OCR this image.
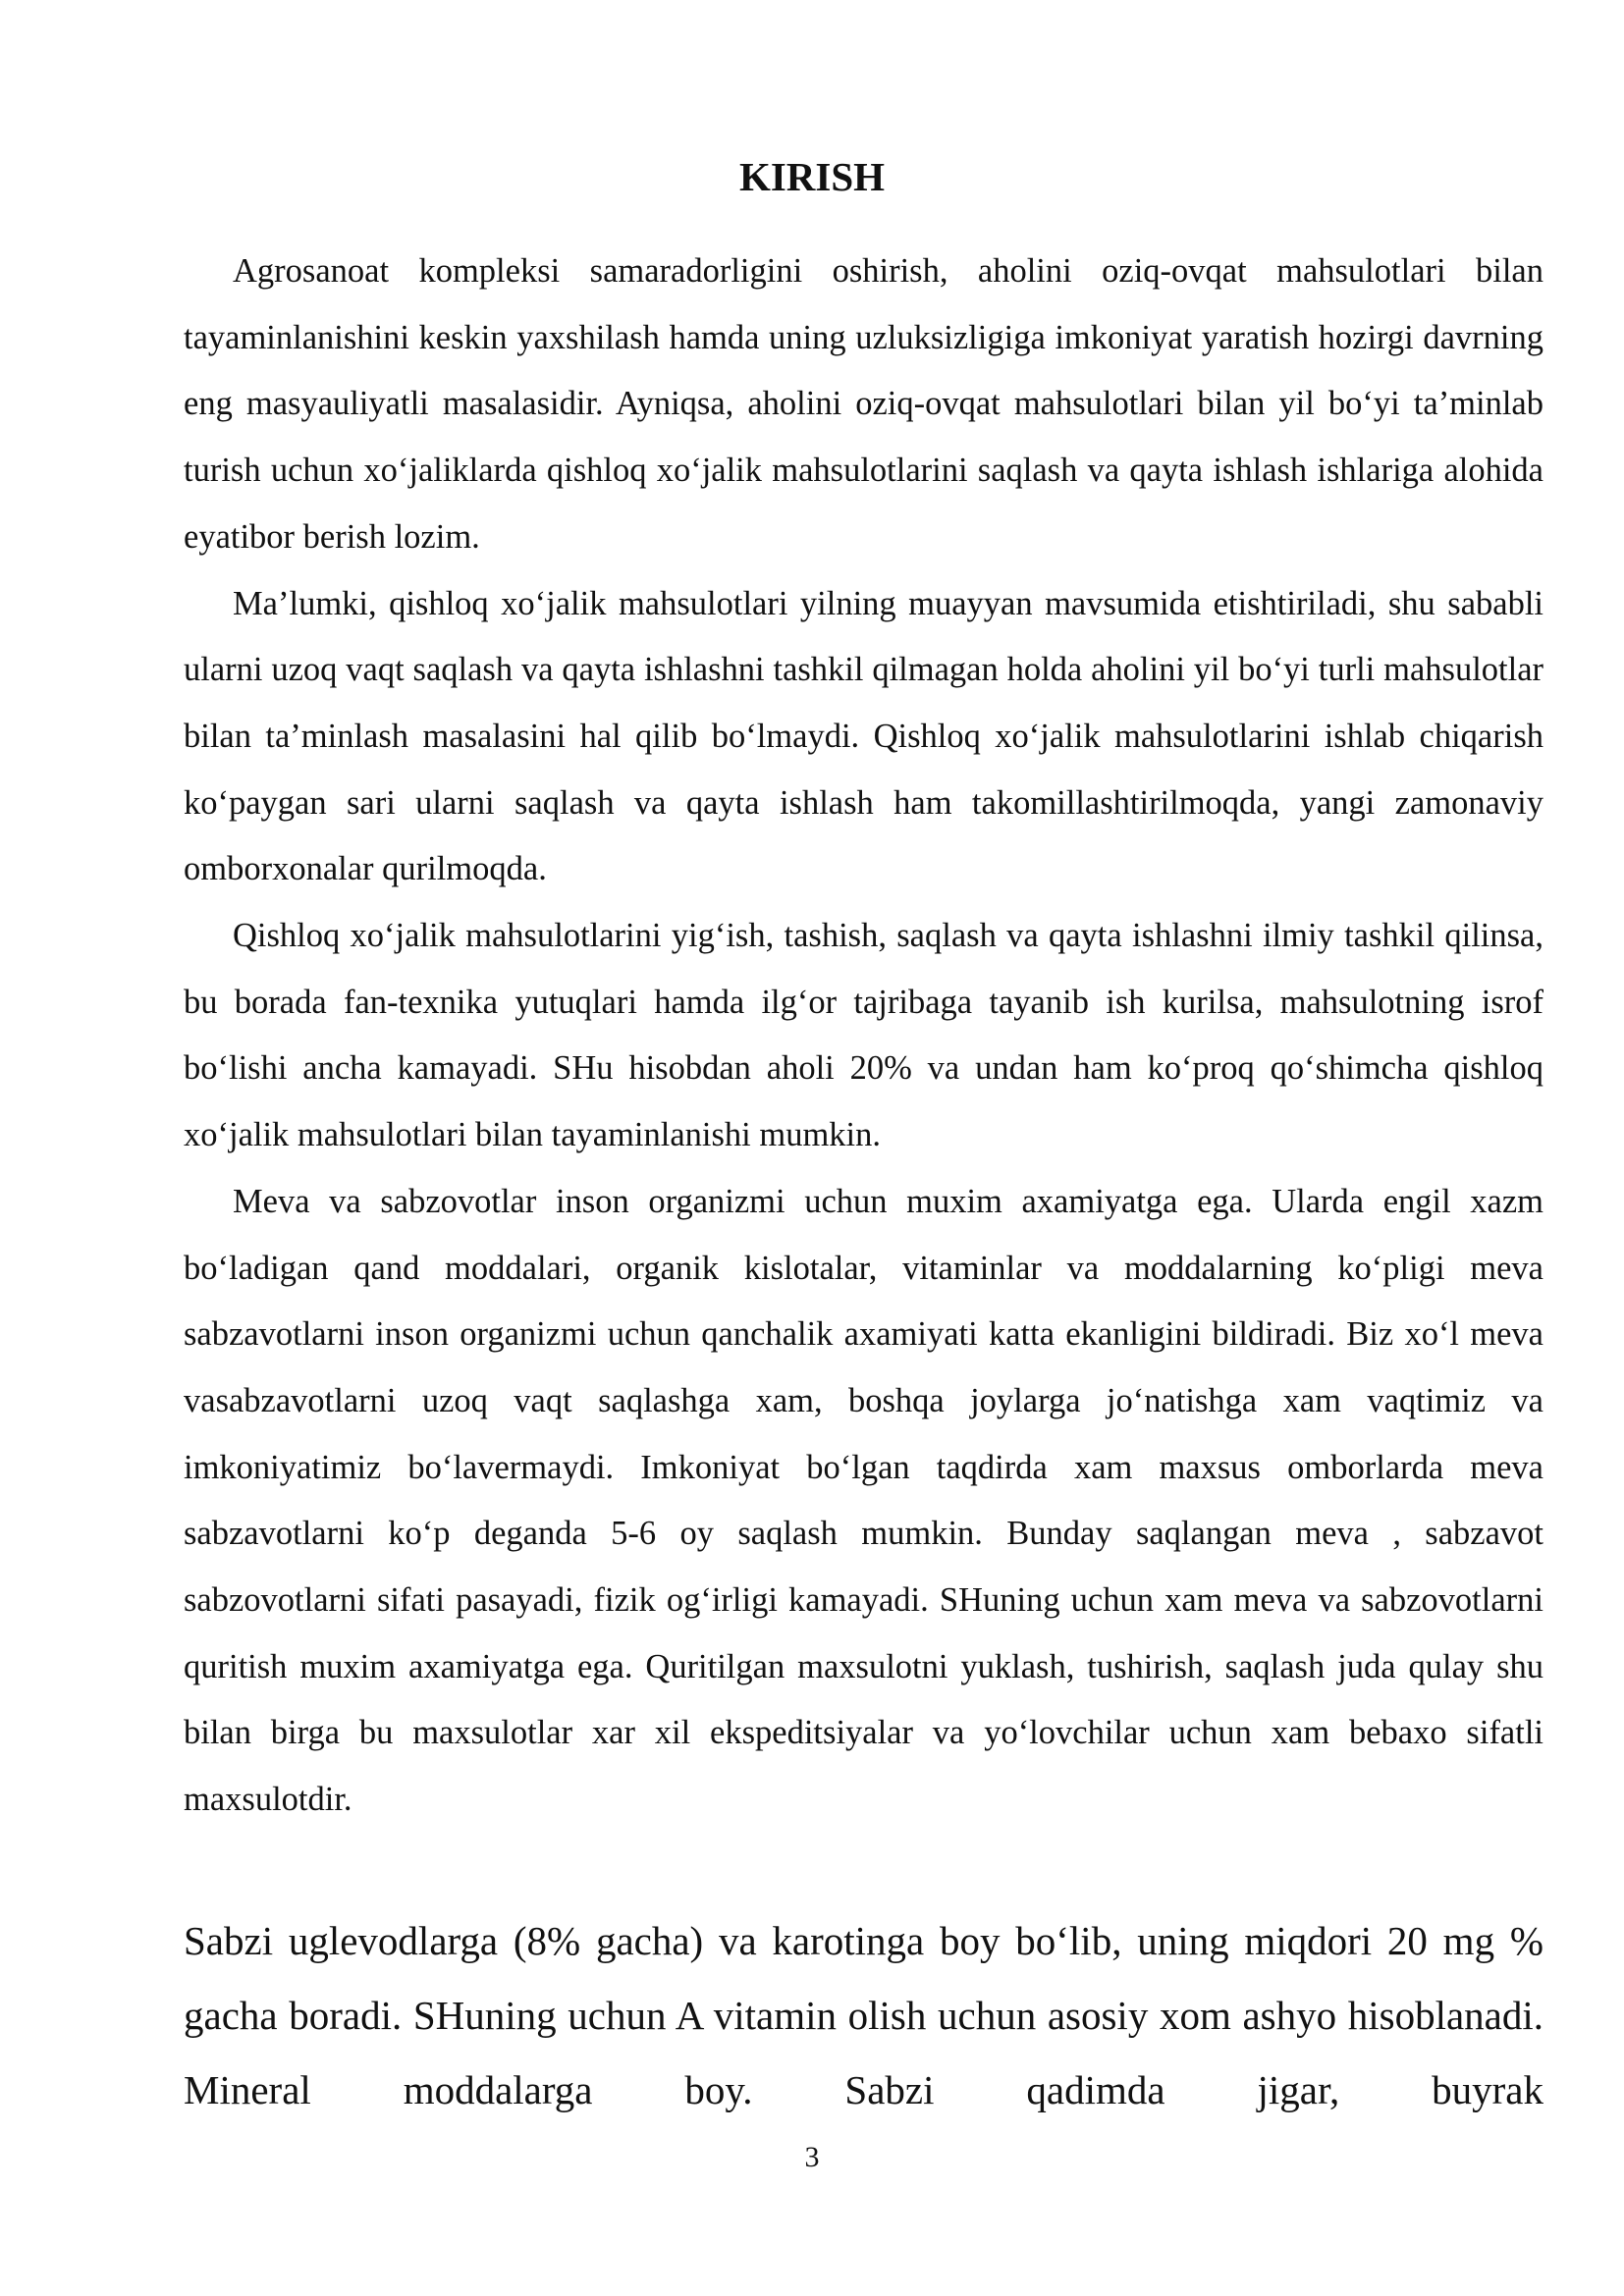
KIRISH

Agrosanoat kompleksi samaradorligini oshirish, aholini oziq-ovqat mahsulotlari bilan tayaminlanishini keskin yaxshilash hamda uning uzluksizligiga imkoniyat yaratish hozirgi davrning eng masyauliyatli masalasidir. Ayniqsa, aholini oziq-ovqat mahsulotlari bilan yil bo‘yi ta’minlab turish uchun xo‘jaliklarda qishloq xo‘jalik mahsulotlarini saqlash va qayta ishlash ishlariga alohida eyatibor berish lozim.

Ma’lumki, qishloq xo‘jalik mahsulotlari yilning muayyan mavsumida etishtiriladi, shu sababli ularni uzoq vaqt saqlash va qayta ishlashni tashkil qilmagan holda aholini yil bo‘yi turli mahsulotlar bilan ta’minlash masalasini hal qilib bo‘lmaydi. Qishloq xo‘jalik mahsulotlarini ishlab chiqarish ko‘paygan sari ularni saqlash va qayta ishlash ham takomillashtirilmoqda, yangi zamonaviy omborxonalar qurilmoqda.

Qishloq xo‘jalik mahsulotlarini yig‘ish, tashish, saqlash va qayta ishlashni ilmiy tashkil qilinsa, bu borada fan-texnika yutuqlari hamda ilg‘or tajribaga tayanib ish kurilsa, mahsulotning isrof bo‘lishi ancha kamayadi. SHu hisobdan aholi 20% va undan ham ko‘proq qo‘shimcha qishloq xo‘jalik mahsulotlari bilan tayaminlanishi mumkin.

Meva va sabzovotlar inson organizmi uchun muxim axamiyatga ega. Ularda engil xazm bo‘ladigan qand moddalari, organik kislotalar, vitaminlar va moddalarning ko‘pligi meva sabzavotlarni inson organizmi uchun qanchalik axamiyati katta ekanligini bildiradi. Biz xo‘l meva vasabzavotlarni uzoq vaqt saqlashga xam, boshqa joylarga jo‘natishga xam vaqtimiz va imkoniyatimiz bo‘lavermaydi. Imkoniyat bo‘lgan taqdirda xam maxsus omborlarda meva sabzavotlarni ko‘p deganda 5-6 oy saqlash mumkin. Bunday saqlangan meva , sabzavot sabzovotlarni sifati pasayadi, fizik og‘irligi kamayadi. SHuning uchun xam meva va sabzovotlarni quritish muxim axamiyatga ega. Quritilgan maxsulotni yuklash, tushirish, saqlash juda qulay shu bilan birga bu maxsulotlar xar xil ekspeditsiyalar va yo‘lovchilar uchun xam bebaxo sifatli maxsulotdir.

Sabzi uglevodlarga (8% gacha) va karotinga boy bo‘lib, uning miqdori 20 mg % gacha boradi. SHuning uchun A vitamin olish uchun asosiy xom ashyo hisoblanadi. Mineral moddalarga boy. Sabzi qadimda jigar, buyrak

3
